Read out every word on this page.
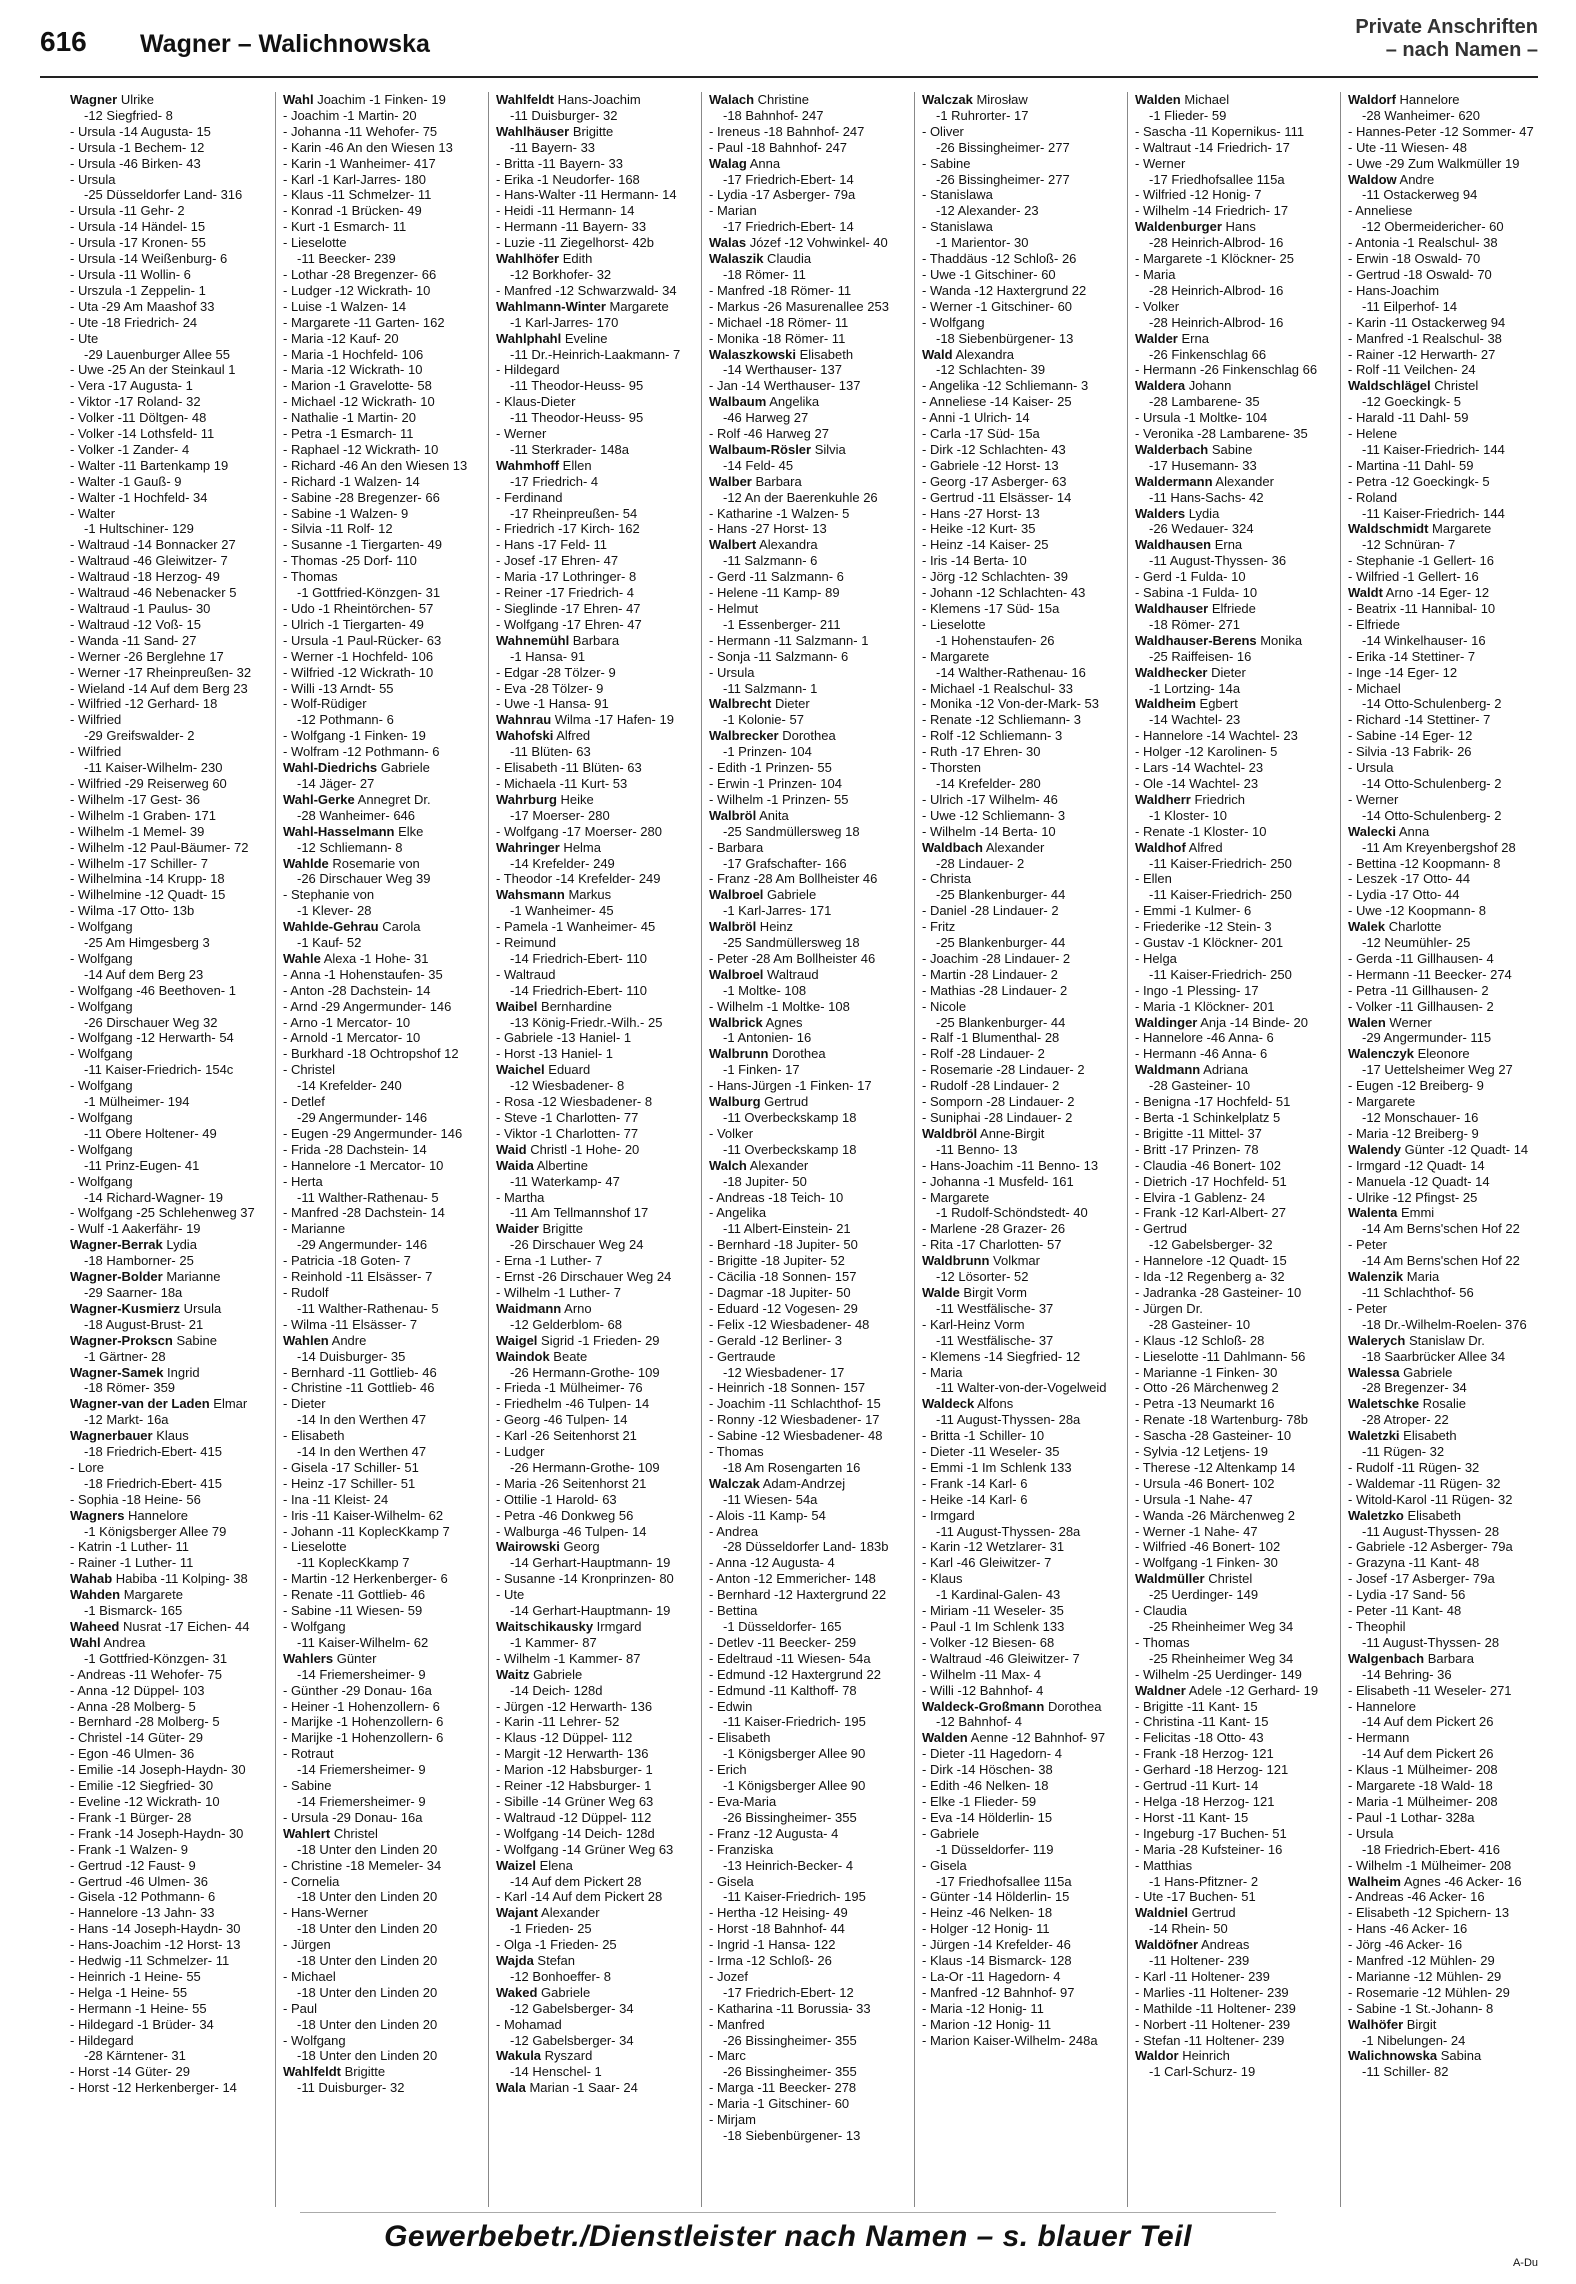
616 Wagner – Walichnowska
Private Anschriften
– nach Namen –
Wagner Ulrike
-12 Siegfried- 8
- Ursula -14 Augusta- 15
- Ursula -1 Bechem- 12
- Ursula -46 Birken- 43
- Ursula
-25 Düsseldorfer Land- 316
- Ursula -11 Gehr- 2
- Ursula -14 Händel- 15
- Ursula -17 Kronen- 55
- Ursula -14 Weißenburg- 6
- Ursula -11 Wollin- 6
- Urszula -1 Zeppelin- 1
- Uta -29 Am Maashof 33
- Ute -18 Friedrich- 24
- Ute
-29 Lauenburger Allee 55
- Uwe -25 An der Steinkaul 1
- Vera -17 Augusta- 1
- Viktor -17 Roland- 32
- Volker -11 Döltgen- 48
- Volker -14 Lothsfeld- 11
- Volker -1 Zander- 4
- Walter -11 Bartenkamp 19
- Walter -1 Gauß- 9
- Walter -1 Hochfeld- 34
- Walter
-1 Hultschiner- 129
- Waltraud -14 Bonnacker 27
- Waltraud -46 Gleiwitzer- 7
- Waltraud -18 Herzog- 49
- Waltraud -46 Nebenacker 5
- Waltraud -1 Paulus- 30
- Waltraud -12 Voß- 15
- Wanda -11 Sand- 27
- Werner -26 Berglehne 17
- Werner -17 Rheinpreußen- 32
- Wieland -14 Auf dem Berg 23
- Wilfried -12 Gerhard- 18
- Wilfried
-29 Greifswalder- 2
- Wilfried
-11 Kaiser-Wilhelm- 230
- Wilfried -29 Reiserweg 60
- Wilhelm -17 Gest- 36
- Wilhelm -1 Graben- 171
- Wilhelm -1 Memel- 39
- Wilhelm -12 Paul-Bäumer- 72
- Wilhelm -17 Schiller- 7
- Wilhelmina -14 Krupp- 18
- Wilhelmine -12 Quadt- 15
- Wilma -17 Otto- 13b
- Wolfgang
-25 Am Himgesberg 3
- Wolfgang
-14 Auf dem Berg 23
- Wolfgang -46 Beethoven- 1
- Wolfgang
-26 Dirschauer Weg 32
- Wolfgang -12 Herwarth- 54
- Wolfgang
-11 Kaiser-Friedrich- 154c
- Wolfgang
-1 Mülheimer- 194
- Wolfgang
-11 Obere Holtener- 49
- Wolfgang
-11 Prinz-Eugen- 41
- Wolfgang
-14 Richard-Wagner- 19
- Wolfgang -25 Schlehenweg 37
- Wulf -1 Aakerfähr- 19
Wagner-Berrak Lydia
-18 Hamborner- 25
Wagner-Bolder Marianne
-29 Saarner- 18a
Wagner-Kusmierz Ursula
-18 August-Brust- 21
Wagner-Prokscn Sabine
-1 Gärtner- 28
Wagner-Samek Ingrid
-18 Römer- 359
Wagner-van der Laden Elmar
-12 Markt- 16a
Wagnerbauer Klaus
-18 Friedrich-Ebert- 415
- Lore
-18 Friedrich-Ebert- 415
- Sophia -18 Heine- 56
Wagners Hannelore
-1 Königsberger Allee 79
- Katrin -1 Luther- 11
- Rainer -1 Luther- 11
Wahab Habiba -11 Kolping- 38
Wahden Margarete
-1 Bismarck- 165
Waheed Nusrat -17 Eichen- 44
Wahl Andrea
-1 Gottfried-Könzgen- 31
- Andreas -11 Wehofer- 75
- Anna -12 Düppel- 103
- Anna -28 Molberg- 5
- Bernhard -28 Molberg- 5
- Christel -14 Güter- 29
- Egon -46 Ulmen- 36
- Emilie -14 Joseph-Haydn- 30
- Emilie -12 Siegfried- 30
- Eveline -12 Wickrath- 10
- Frank -1 Bürger- 28
- Frank -14 Joseph-Haydn- 30
- Frank -1 Walzen- 9
- Gertrud -12 Faust- 9
- Gertrud -46 Ulmen- 36
- Gisela -12 Pothmann- 6
- Hannelore -13 Jahn- 33
- Hans -14 Joseph-Haydn- 30
- Hans-Joachim -12 Horst- 13
- Hedwig -11 Schmelzer- 11
- Heinrich -1 Heine- 55
- Helga -1 Heine- 55
- Hermann -1 Heine- 55
- Hildegard -1 Brüder- 34
- Hildegard
-28 Kärntener- 31
- Horst -14 Güter- 29
- Horst -12 Herkenberger- 14
Wahl Joachim -1 Finken- 19
- Joachim -1 Martin- 20
- Johanna -11 Wehofer- 75
- Karin -46 An den Wiesen 13
- Karin -1 Wanheimer- 417
- Karl -1 Karl-Jarres- 180
- Klaus -11 Schmelzer- 11
- Konrad -1 Brücken- 49
- Kurt -1 Esmarch- 11
- Lieselotte
-11 Beecker- 239
- Lothar -28 Bregenzer- 66
- Ludger -12 Wickrath- 10
- Luise -1 Walzen- 14
- Margarete -11 Garten- 162
- Maria -12 Kauf- 20
- Maria -1 Hochfeld- 106
- Maria -12 Wickrath- 10
- Marion -1 Gravelotte- 58
- Michael -12 Wickrath- 10
- Nathalie -1 Martin- 20
- Petra -1 Esmarch- 11
- Raphael -12 Wickrath- 10
- Richard -46 An den Wiesen 13
- Richard -1 Walzen- 14
- Sabine -28 Bregenzer- 66
- Sabine -1 Walzen- 9
- Silvia -11 Rolf- 12
- Susanne -1 Tiergarten- 49
- Thomas -25 Dorf- 110
- Thomas
-1 Gottfried-Könzgen- 31
- Udo -1 Rheintörchen- 57
- Ulrich -1 Tiergarten- 49
- Ursula -1 Paul-Rücker- 63
- Werner -1 Hochfeld- 106
- Wilfried -12 Wickrath- 10
- Willi -13 Arndt- 55
- Wolf-Rüdiger
-12 Pothmann- 6
- Wolfgang -1 Finken- 19
- Wolfram -12 Pothmann- 6
Wahl-Diedrichs Gabriele
-14 Jäger- 27
Wahl-Gerke Annegret Dr.
-28 Wanheimer- 646
Wahl-Hasselmann Elke
-12 Schliemann- 8
Wahlde Rosemarie von
-26 Dirschauer Weg 39
- Stephanie von
-1 Klever- 28
Wahlde-Gehrau Carola
-1 Kauf- 52
Wahle Alexa -1 Hohe- 31
- Anna -1 Hohenstaufen- 35
- Anton -28 Dachstein- 14
- Arnd -29 Angermunder- 146
- Arno -1 Mercator- 10
- Arnold -1 Mercator- 10
- Burkhard -18 Ochtropshof 12
- Christel
-14 Krefelder- 240
- Detlef
-29 Angermunder- 146
- Eugen -29 Angermunder- 146
- Frida -28 Dachstein- 14
- Hannelore -1 Mercator- 10
- Herta
-11 Walther-Rathenau- 5
- Manfred -28 Dachstein- 14
- Marianne
-29 Angermunder- 146
- Patricia -18 Goten- 7
- Reinhold -11 Elsässer- 7
- Rudolf
-11 Walther-Rathenau- 5
- Wilma -11 Elsässer- 7
Wahlen Andre
-14 Duisburger- 35
- Bernhard -11 Gottlieb- 46
- Christine -11 Gottlieb- 46
- Dieter
-14 In den Werthen 47
- Elisabeth
-14 In den Werthen 47
- Gisela -17 Schiller- 51
- Heinz -17 Schiller- 51
- Ina -11 Kleist- 24
- Iris -11 Kaiser-Wilhelm- 62
- Johann -11 KoplecKkamp 7
- Lieselotte
-11 KoplecKkamp 7
- Martin -12 Herkenberger- 6
- Renate -11 Gottlieb- 46
- Sabine -11 Wiesen- 59
- Wolfgang
-11 Kaiser-Wilhelm- 62
Wahlers Günter
-14 Friemersheimer- 9
- Günther -29 Donau- 16a
- Heiner -1 Hohenzollern- 6
- Marijke -1 Hohenzollern- 6
- Marijke -1 Hohenzollern- 6
- Rotraut
-14 Friemersheimer- 9
- Sabine
-14 Friemersheimer- 9
- Ursula -29 Donau- 16a
Wahlert Christel
-18 Unter den Linden 20
- Christine -18 Memeler- 34
- Cornelia
-18 Unter den Linden 20
- Hans-Werner
-18 Unter den Linden 20
- Jürgen
-18 Unter den Linden 20
- Michael
-18 Unter den Linden 20
- Paul
-18 Unter den Linden 20
- Wolfgang
-18 Unter den Linden 20
Wahlfeldt Brigitte
-11 Duisburger- 32
Wahlfeldt Hans-Joachim
-11 Duisburger- 32
Wahlhäuser Brigitte
-11 Bayern- 33
- Britta -11 Bayern- 33
- Erika -1 Neudorfer- 168
- Hans-Walter -11 Hermann- 14
- Heidi -11 Hermann- 14
- Hermann -11 Bayern- 33
- Luzie -11 Ziegelhorst- 42b
Wahlhöfer Edith
-12 Borkhofer- 32
- Manfred -12 Schwarzwald- 34
Wahlmann-Winter Margarete
-1 Karl-Jarres- 170
Wahlphahl Eveline
-11 Dr.-Heinrich-Laakmann- 7
- Hildegard
-11 Theodor-Heuss- 95
- Klaus-Dieter
-11 Theodor-Heuss- 95
- Werner
-11 Sterkrader- 148a
Wahmhoff Ellen
-17 Friedrich- 4
- Ferdinand
-17 Rheinpreußen- 54
- Friedrich -17 Kirch- 162
- Hans -17 Feld- 11
- Josef -17 Ehren- 47
- Maria -17 Lothringer- 8
- Reiner -17 Friedrich- 4
- Sieglinde -17 Ehren- 47
- Wolfgang -17 Ehren- 47
Wahnemühl Barbara
-1 Hansa- 91
- Edgar -28 Tölzer- 9
- Eva -28 Tölzer- 9
- Uwe -1 Hansa- 91
Wahnrau Wilma -17 Hafen- 19
Wahofski Alfred
-11 Blüten- 63
- Elisabeth -11 Blüten- 63
- Michaela -11 Kurt- 53
Wahrburg Heike
-17 Moerser- 280
- Wolfgang -17 Moerser- 280
Wahringer Helma
-14 Krefelder- 249
- Theodor -14 Krefelder- 249
Wahsmann Markus
-1 Wanheimer- 45
- Pamela -1 Wanheimer- 45
- Reimund
-14 Friedrich-Ebert- 110
- Waltraud
-14 Friedrich-Ebert- 110
Waibel Bernhardine
-13 König-Friedr.-Wilh.- 25
- Gabriele -13 Haniel- 1
- Horst -13 Haniel- 1
Waichel Eduard
-12 Wiesbadener- 8
- Rosa -12 Wiesbadener- 8
- Steve -1 Charlotten- 77
- Viktor -1 Charlotten- 77
Waid Christl -1 Hohe- 20
Waida Albertine
-11 Waterkamp- 47
- Martha
-11 Am Tellmannshof 17
Waider Brigitte
-26 Dirschauer Weg 24
- Erna -1 Luther- 7
- Ernst -26 Dirschauer Weg 24
- Wilhelm -1 Luther- 7
Waidmann Arno
-12 Gelderblom- 68
Waigel Sigrid -1 Frieden- 29
Waindok Beate
-26 Hermann-Grothe- 109
- Frieda -1 Mülheimer- 76
- Friedhelm -46 Tulpen- 14
- Georg -46 Tulpen- 14
- Karl -26 Seitenhorst 21
- Ludger
-26 Hermann-Grothe- 109
- Maria -26 Seitenhorst 21
- Ottilie -1 Harold- 63
- Petra -46 Donkweg 56
- Walburga -46 Tulpen- 14
Wairowski Georg
-14 Gerhart-Hauptmann- 19
- Susanne -14 Kronprinzen- 80
- Ute
-14 Gerhart-Hauptmann- 19
Waitschikausky Irmgard
-1 Kammer- 87
- Wilhelm -1 Kammer- 87
Waitz Gabriele
-14 Deich- 128d
- Jürgen -12 Herwarth- 136
- Karin -11 Lehrer- 52
- Klaus -12 Düppel- 112
- Margit -12 Herwarth- 136
- Marion -12 Habsburger- 1
- Reiner -12 Habsburger- 1
- Sibille -14 Grüner Weg 63
- Waltraud -12 Düppel- 112
- Wolfgang -14 Deich- 128d
- Wolfgang -14 Grüner Weg 63
Waizel Elena
-14 Auf dem Pickert 28
- Karl -14 Auf dem Pickert 28
Wajant Alexander
-1 Frieden- 25
- Olga -1 Frieden- 25
Wajda Stefan
-12 Bonhoeffer- 8
Waked Gabriele
-12 Gabelsberger- 34
- Mohamad
-12 Gabelsberger- 34
Wakula Ryszard
-14 Henschel- 1
Wala Marian -1 Saar- 24
Walach Christine
-18 Bahnhof- 247
- Ireneus -18 Bahnhof- 247
- Paul -18 Bahnhof- 247
Walag Anna
-17 Friedrich-Ebert- 14
- Lydia -17 Asberger- 79a
- Marian
-17 Friedrich-Ebert- 14
Walas Józef -12 Vohwinkel- 40
Walaszik Claudia
-18 Römer- 11
- Manfred -18 Römer- 11
- Markus -26 Masurenallee 253
- Michael -18 Römer- 11
- Monika -18 Römer- 11
Walaszkowski Elisabeth
-14 Werthauser- 137
- Jan -14 Werthauser- 137
Walbaum Angelika
-46 Harweg 27
- Rolf -46 Harweg 27
Walbaum-Rösler Silvia
-14 Feld- 45
Walber Barbara
-12 An der Baerenkuhle 26
- Katharine -1 Walzen- 5
- Hans -27 Horst- 13
Walbert Alexandra
-11 Salzmann- 6
- Gerd -11 Salzmann- 6
- Helene -11 Kamp- 89
- Helmut
-1 Essenberger- 211
- Hermann -11 Salzmann- 1
- Sonja -11 Salzmann- 6
- Ursula
-11 Salzmann- 1
Walbrecht Dieter
-1 Kolonie- 57
Walbrecker Dorothea
-1 Prinzen- 104
- Edith -1 Prinzen- 55
- Erwin -1 Prinzen- 104
- Wilhelm -1 Prinzen- 55
Walbröl Anita
-25 Sandmüllersweg 18
- Barbara
-17 Grafschafter- 166
- Franz -28 Am Bollheister 46
Walbroel Gabriele
-1 Karl-Jarres- 171
Walbröl Heinz
-25 Sandmüllersweg 18
- Peter -28 Am Bollheister 46
Walbroel Waltraud
-1 Moltke- 108
- Wilhelm -1 Moltke- 108
Walbrick Agnes
-1 Antonien- 16
Walbrunn Dorothea
-1 Finken- 17
- Hans-Jürgen -1 Finken- 17
Walburg Gertrud
-11 Overbeckskamp 18
- Volker
-11 Overbeckskamp 18
Walch Alexander
-18 Jupiter- 50
- Andreas -18 Teich- 10
- Angelika
-11 Albert-Einstein- 21
- Bernhard -18 Jupiter- 50
- Brigitte -18 Jupiter- 52
- Cäcilia -18 Sonnen- 157
- Dagmar -18 Jupiter- 50
- Eduard -12 Vogesen- 29
- Felix -12 Wiesbadener- 48
- Gerald -12 Berliner- 3
- Gertraude
-12 Wiesbadener- 17
- Heinrich -18 Sonnen- 157
- Joachim -11 Schlachthof- 15
- Ronny -12 Wiesbadener- 17
- Sabine -12 Wiesbadener- 48
- Thomas
-18 Am Rosengarten 16
Walczak Adam-Andrzej
-11 Wiesen- 54a
- Alois -11 Kamp- 54
- Andrea
-28 Düsseldorfer Land- 183b
- Anna -12 Augusta- 4
- Anton -12 Emmericher- 148
- Bernhard -12 Haxtergrund 22
- Bettina
-1 Düsseldorfer- 165
- Detlev -11 Beecker- 259
- Edeltraud -11 Wiesen- 54a
- Edmund -12 Haxtergrund 22
- Edmund -11 Kalthoff- 78
- Edwin
-11 Kaiser-Friedrich- 195
- Elisabeth
-1 Königsberger Allee 90
- Erich
-1 Königsberger Allee 90
- Eva-Maria
-26 Bissingheimer- 355
- Franz -12 Augusta- 4
- Franziska
-13 Heinrich-Becker- 4
- Gisela
-11 Kaiser-Friedrich- 195
- Hertha -12 Heising- 49
- Horst -18 Bahnhof- 44
- Ingrid -1 Hansa- 122
- Irma -12 Schloß- 26
- Jozef
-17 Friedrich-Ebert- 12
- Katharina -11 Borussia- 33
- Manfred
-26 Bissingheimer- 355
- Marc
-26 Bissingheimer- 355
- Marga -11 Beecker- 278
- Maria -1 Gitschiner- 60
- Mirjam
-18 Siebenbürgener- 13
Walczak Mirosław
-1 Ruhrorter- 17
- Oliver
-26 Bissingheimer- 277
- Sabine
-26 Bissingheimer- 277
- Stanislawa
-12 Alexander- 23
- Stanislawa
-1 Marientor- 30
- Thaddäus -12 Schloß- 26
- Uwe -1 Gitschiner- 60
- Wanda -12 Haxtergrund 22
- Werner -1 Gitschiner- 60
- Wolfgang
-18 Siebenbürgener- 13
Wald Alexandra
-12 Schlachten- 39
- Angelika -12 Schliemann- 3
- Anneliese -14 Kaiser- 25
- Anni -1 Ulrich- 14
- Carla -17 Süd- 15a
- Dirk -12 Schlachten- 43
- Gabriele -12 Horst- 13
- Georg -17 Asberger- 63
- Gertrud -11 Elsässer- 14
- Hans -27 Horst- 13
- Heike -12 Kurt- 35
- Heinz -14 Kaiser- 25
- Iris -14 Berta- 10
- Jörg -12 Schlachten- 39
- Johann -12 Schlachten- 43
- Klemens -17 Süd- 15a
- Lieselotte
-1 Hohenstaufen- 26
- Margarete
-14 Walther-Rathenau- 16
- Michael -1 Realschul- 33
- Monika -12 Von-der-Mark- 53
- Renate -12 Schliemann- 3
- Rolf -12 Schliemann- 3
- Ruth -17 Ehren- 30
- Thorsten
-14 Krefelder- 280
- Ulrich -17 Wilhelm- 46
- Uwe -12 Schliemann- 3
- Wilhelm -14 Berta- 10
Waldbach Alexander
-28 Lindauer- 2
- Christa
-25 Blankenburger- 44
- Daniel -28 Lindauer- 2
- Fritz
-25 Blankenburger- 44
- Joachim -28 Lindauer- 2
- Martin -28 Lindauer- 2
- Mathias -28 Lindauer- 2
- Nicole
-25 Blankenburger- 44
- Ralf -1 Blumenthal- 28
- Rolf -28 Lindauer- 2
- Rosemarie -28 Lindauer- 2
- Rudolf -28 Lindauer- 2
- Somporn -28 Lindauer- 2
- Suniphai -28 Lindauer- 2
Waldbröl Anne-Birgit
-11 Benno- 13
- Hans-Joachim -11 Benno- 13
- Johanna -1 Musfeld- 161
- Margarete
-1 Rudolf-Schöndstedt- 40
- Marlene -28 Grazer- 26
- Rita -17 Charlotten- 57
Waldbrunn Volkmar
-12 Lösorter- 52
Walde Birgit Vorm
-11 Westfälische- 37
- Karl-Heinz Vorm
-11 Westfälische- 37
- Klemens -14 Siegfried- 12
- Maria
-11 Walter-von-der-Vogelweid
Waldeck Alfons
-11 August-Thyssen- 28a
- Britta -1 Schiller- 10
- Dieter -11 Weseler- 35
- Emmi -1 Im Schlenk 133
- Frank -14 Karl- 6
- Heike -14 Karl- 6
- Irmgard
-11 August-Thyssen- 28a
- Karin -12 Wetzlarer- 31
- Karl -46 Gleiwitzer- 7
- Klaus
-1 Kardinal-Galen- 43
- Miriam -11 Weseler- 35
- Paul -1 Im Schlenk 133
- Volker -12 Biesen- 68
- Waltraud -46 Gleiwitzer- 7
- Wilhelm -11 Max- 4
- Willi -12 Bahnhof- 4
Waldeck-Großmann Dorothea
-12 Bahnhof- 4
Walden Aenne -12 Bahnhof- 97
- Dieter -11 Hagedorn- 4
- Dirk -14 Höschen- 38
- Edith -46 Nelken- 18
- Elke -1 Flieder- 59
- Eva -14 Hölderlin- 15
- Gabriele
-1 Düsseldorfer- 119
- Gisela
-17 Friedhofsallee 115a
- Günter -14 Hölderlin- 15
- Heinz -46 Nelken- 18
- Holger -12 Honig- 11
- Jürgen -14 Krefelder- 46
- Klaus -14 Bismarck- 128
- La-Or -11 Hagedorn- 4
- Manfred -12 Bahnhof- 97
- Maria -12 Honig- 11
- Marion -12 Honig- 11
- Marion Kaiser-Wilhelm- 248a
Walden Michael
-1 Flieder- 59
- Sascha -11 Kopernikus- 111
- Waltraut -14 Friedrich- 17
- Werner
-17 Friedhofsallee 115a
- Wilfried -12 Honig- 7
- Wilhelm -14 Friedrich- 17
Waldenburger Hans
-28 Heinrich-Albrod- 16
- Margarete -1 Klöckner- 25
- Maria
-28 Heinrich-Albrod- 16
- Volker
-28 Heinrich-Albrod- 16
Walder Erna
-26 Finkenschlag 66
- Hermann -26 Finkenschlag 66
Waldera Johann
-28 Lambarene- 35
- Ursula -1 Moltke- 104
- Veronika -28 Lambarene- 35
Walderbach Sabine
-17 Husemann- 33
Waldermann Alexander
-11 Hans-Sachs- 42
Walders Lydia
-26 Wedauer- 324
Waldhausen Erna
-11 August-Thyssen- 36
- Gerd -1 Fulda- 10
- Sabina -1 Fulda- 10
Waldhauser Elfriede
-18 Römer- 271
Waldhauser-Berens Monika
-25 Raiffeisen- 16
Waldhecker Dieter
-1 Lortzing- 14a
Waldheim Egbert
-14 Wachtel- 23
- Hannelore -14 Wachtel- 23
- Holger -12 Karolinen- 5
- Lars -14 Wachtel- 23
- Ole -14 Wachtel- 23
Waldherr Friedrich
-1 Kloster- 10
- Renate -1 Kloster- 10
Waldhof Alfred
-11 Kaiser-Friedrich- 250
- Ellen
-11 Kaiser-Friedrich- 250
- Emmi -1 Kulmer- 6
- Friederike -12 Stein- 3
- Gustav -1 Klöckner- 201
- Helga
-11 Kaiser-Friedrich- 250
- Ingo -1 Plessing- 17
- Maria -1 Klöckner- 201
Waldinger Anja -14 Binde- 20
- Hannelore -46 Anna- 6
- Hermann -46 Anna- 6
Waldmann Adriana
-28 Gasteiner- 10
- Benigna -17 Hochfeld- 51
- Berta -1 Schinkelplatz 5
- Brigitte -11 Mittel- 37
- Britt -17 Prinzen- 78
- Claudia -46 Bonert- 102
- Dietrich -17 Hochfeld- 51
- Elvira -1 Gablenz- 24
- Frank -12 Karl-Albert- 27
- Gertrud
-12 Gabelsberger- 32
- Hannelore -12 Quadt- 15
- Ida -12 Regenberg a- 32
- Jadranka -28 Gasteiner- 10
- Jürgen Dr.
-28 Gasteiner- 10
- Klaus -12 Schloß- 28
- Lieselotte -11 Dahlmann- 56
- Marianne -1 Finken- 30
- Otto -26 Märchenweg 2
- Petra -13 Neumarkt 16
- Renate -18 Wartenburg- 78b
- Sascha -28 Gasteiner- 10
- Sylvia -12 Letjens- 19
- Therese -12 Altenkamp 14
- Ursula -46 Bonert- 102
- Ursula -1 Nahe- 47
- Wanda -26 Märchenweg 2
- Werner -1 Nahe- 47
- Wilfried -46 Bonert- 102
- Wolfgang -1 Finken- 30
Waldmüller Christel
-25 Uerdinger- 149
- Claudia
-25 Rheinheimer Weg 34
- Thomas
-25 Rheinheimer Weg 34
- Wilhelm -25 Uerdinger- 149
Waldner Adele -12 Gerhard- 19
- Brigitte -11 Kant- 15
- Christina -11 Kant- 15
- Felicitas -18 Otto- 43
- Frank -18 Herzog- 121
- Gerhard -18 Herzog- 121
- Gertrud -11 Kurt- 14
- Helga -18 Herzog- 121
- Horst -11 Kant- 15
- Ingeburg -17 Buchen- 51
- Maria -28 Kufsteiner- 16
- Matthias
-1 Hans-Pfitzner- 2
- Ute -17 Buchen- 51
Waldniel Gertrud
-14 Rhein- 50
Waldöfner Andreas
-11 Holtener- 239
- Karl -11 Holtener- 239
- Marlies -11 Holtener- 239
- Mathilde -11 Holtener- 239
- Norbert -11 Holtener- 239
- Stefan -11 Holtener- 239
Waldor Heinrich
-1 Carl-Schurz- 19
Waldorf Hannelore
-28 Wanheimer- 620
- Hannes-Peter -12 Sommer- 47
- Ute -11 Wiesen- 48
- Uwe -29 Zum Walkmüller 19
Waldow Andre
-11 Ostackerweg 94
- Anneliese
-12 Obermeidericher- 60
- Antonia -1 Realschul- 38
- Erwin -18 Oswald- 70
- Gertrud -18 Oswald- 70
- Hans-Joachim
-11 Eilperhof- 14
- Karin -11 Ostackerweg 94
- Manfred -1 Realschul- 38
- Rainer -12 Herwarth- 27
- Rolf -11 Veilchen- 24
Waldschlägel Christel
-12 Goeckingk- 5
- Harald -11 Dahl- 59
- Helene
-11 Kaiser-Friedrich- 144
- Martina -11 Dahl- 59
- Petra -12 Goeckingk- 5
- Roland
-11 Kaiser-Friedrich- 144
Waldschmidt Margarete
-12 Schnüran- 7
- Stephanie -1 Gellert- 16
- Wilfried -1 Gellert- 16
Waldt Arno -14 Eger- 12
- Beatrix -11 Hannibal- 10
- Elfriede
-14 Winkelhauser- 16
- Erika -14 Stettiner- 7
- Inge -14 Eger- 12
- Michael
-14 Otto-Schulenberg- 2
- Richard -14 Stettiner- 7
- Sabine -14 Eger- 12
- Silvia -13 Fabrik- 26
- Ursula
-14 Otto-Schulenberg- 2
- Werner
-14 Otto-Schulenberg- 2
Walecki Anna
-11 Am Kreyenbergshof 28
- Bettina -12 Koopmann- 8
- Leszek -17 Otto- 44
- Lydia -17 Otto- 44
- Uwe -12 Koopmann- 8
Walek Charlotte
-12 Neumühler- 25
- Gerda -11 Gillhausen- 4
- Hermann -11 Beecker- 274
- Petra -11 Gillhausen- 2
- Volker -11 Gillhausen- 2
Walen Werner
-29 Angermunder- 115
Walenczyk Eleonore
-17 Uettelsheimer Weg 27
- Eugen -12 Breiberg- 9
- Margarete
-12 Monschauer- 16
- Maria -12 Breiberg- 9
Walendy Günter -12 Quadt- 14
- Irmgard -12 Quadt- 14
- Manuela -12 Quadt- 14
- Ulrike -12 Pfingst- 25
Walenta Emmi
-14 Am Berns'schen Hof 22
- Peter
-14 Am Berns'schen Hof 22
Walenzik Maria
-11 Schlachthof- 56
- Peter
-18 Dr.-Wilhelm-Roelen- 376
Walerych Stanislaw Dr.
-18 Saarbrücker Allee 34
Walessa Gabriele
-28 Bregenzer- 34
Waletschke Rosalie
-28 Atroper- 22
Waletzki Elisabeth
-11 Rügen- 32
- Rudolf -11 Rügen- 32
- Waldemar -11 Rügen- 32
- Witold-Karol -11 Rügen- 32
Waletzko Elisabeth
-11 August-Thyssen- 28
- Gabriele -12 Asberger- 79a
- Grazyna -11 Kant- 48
- Josef -17 Asberger- 79a
- Lydia -17 Sand- 56
- Peter -11 Kant- 48
- Theophil
-11 August-Thyssen- 28
Walgenbach Barbara
-14 Behring- 36
- Elisabeth -11 Weseler- 271
- Hannelore
-14 Auf dem Pickert 26
- Hermann
-14 Auf dem Pickert 26
- Klaus -1 Mülheimer- 208
- Margarete -18 Wald- 18
- Maria -1 Mülheimer- 208
- Paul -1 Lothar- 328a
- Ursula
-18 Friedrich-Ebert- 416
- Wilhelm -1 Mülheimer- 208
Walheim Agnes -46 Acker- 16
- Andreas -46 Acker- 16
- Elisabeth -12 Spichern- 13
- Hans -46 Acker- 16
- Jörg -46 Acker- 16
- Manfred -12 Mühlen- 29
- Marianne -12 Mühlen- 29
- Rosemarie -12 Mühlen- 29
- Sabine -1 St.-Johann- 8
Walhöfer Birgit
-1 Nibelungen- 24
Walichnowska Sabina
-11 Schiller- 82
Gewerbebetr./Dienstleister nach Namen – s. blauer Teil
A-Du
